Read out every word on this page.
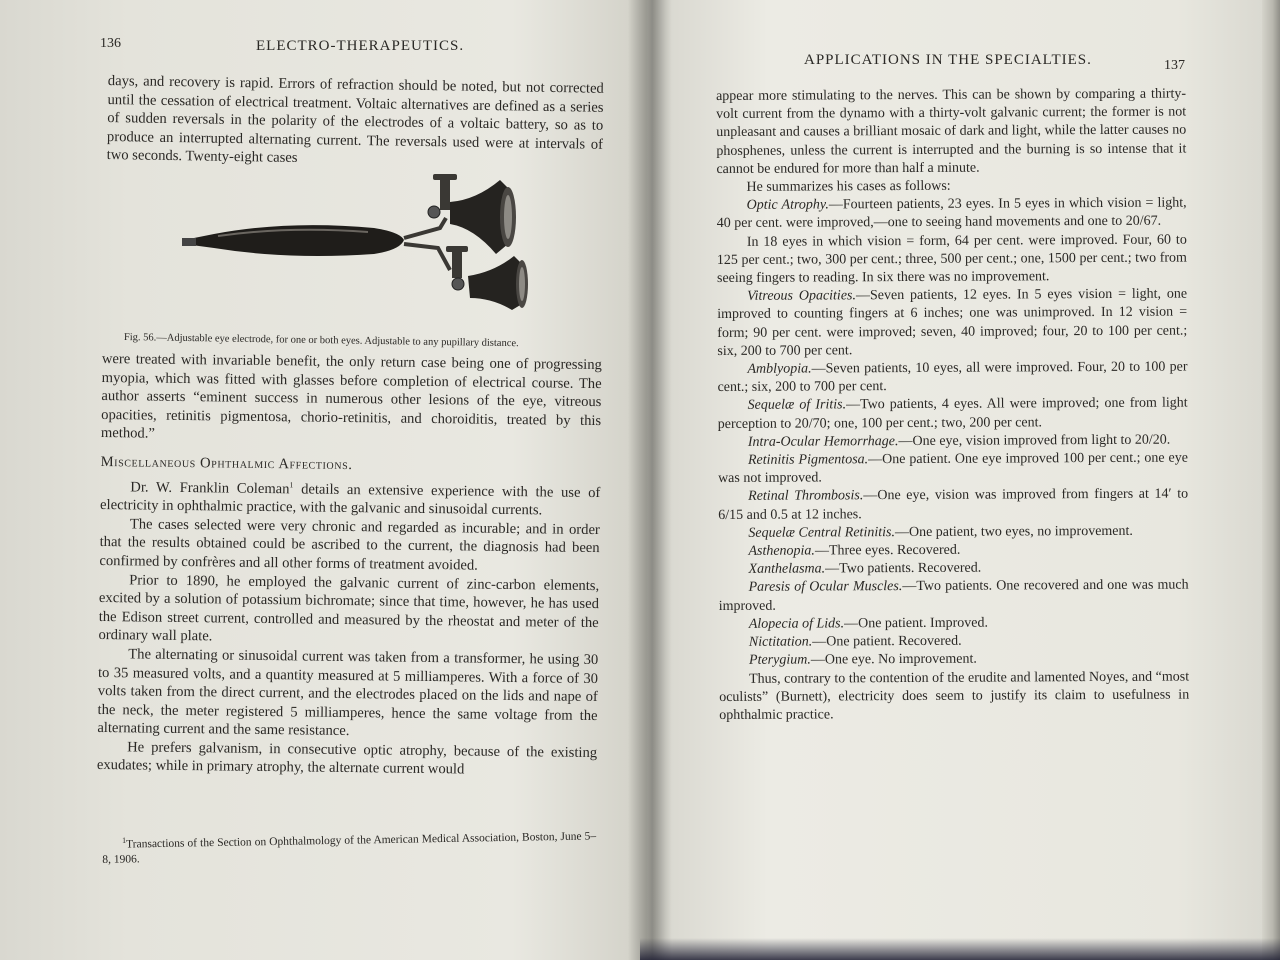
136	ELECTRO-THERAPEUTICS.

days, and recovery is rapid. Errors of refraction should be noted, but not corrected until the cessation of electrical treatment. Voltaic alternatives are defined as a series of sudden reversals in the polarity of the electrodes of a voltaic battery, so as to produce an interrupted alternating current. The reversals used were at intervals of two seconds. Twenty-eight cases

Fig. 56.—Adjustable eye electrode, for one or both eyes. Adjustable to any pupillary distance.

were treated with invariable benefit, the only return case being one of progressing myopia, which was fitted with glasses before completion of electrical course. The author asserts “eminent success in numerous other lesions of the eye, vitreous opacities, retinitis pigmentosa, chorio-retinitis, and choroiditis, treated by this method.”

Miscellaneous Ophthalmic Affections.

Dr. W. Franklin Coleman$^1$ details an extensive experience with the use of electricity in ophthalmic practice, with the galvanic and sinusoidal currents.

The cases selected were very chronic and regarded as incurable; and in order that the results obtained could be ascribed to the current, the diagnosis had been confirmed by confrères and all other forms of treatment avoided.

Prior to 1890, he employed the galvanic current of zinc-carbon elements, excited by a solution of potassium bichromate; since that time, however, he has used the Edison street current, controlled and measured by the rheostat and meter of the ordinary wall plate.

The alternating or sinusoidal current was taken from a transformer, he using 30 to 35 measured volts, and a quantity measured at 5 milliamperes. With a force of 30 volts taken from the direct current, and the electrodes placed on the lids and nape of the neck, the meter registered 5 milliamperes, hence the same voltage from the alternating current and the same resistance.

He prefers galvanism, in consecutive optic atrophy, because of the existing exudates; while in primary atrophy, the alternate current would

$^1$Transactions of the Section on Ophthalmology of the American Medical Association, Boston, June 5–8, 1906.

APPLICATIONS IN THE SPECIALTIES.	137

appear more stimulating to the nerves. This can be shown by comparing a thirty-volt current from the dynamo with a thirty-volt galvanic current; the former is not unpleasant and causes a brilliant mosaic of dark and light, while the latter causes no phosphenes, unless the current is interrupted and the burning is so intense that it cannot be endured for more than half a minute.

He summarizes his cases as follows:

Optic Atrophy.—Fourteen patients, 23 eyes. In 5 eyes in which vision = light, 40 per cent. were improved,—one to seeing hand movements and one to 20/67.

In 18 eyes in which vision = form, 64 per cent. were improved. Four, 60 to 125 per cent.; two, 300 per cent.; three, 500 per cent.; one, 1500 per cent.; two from seeing fingers to reading. In six there was no improvement.

Vitreous Opacities.—Seven patients, 12 eyes. In 5 eyes vision = light, one improved to counting fingers at 6 inches; one was unimproved. In 12 vision = form; 90 per cent. were improved; seven, 40 improved; four, 20 to 100 per cent.; six, 200 to 700 per cent.

Amblyopia.—Seven patients, 10 eyes, all were improved. Four, 20 to 100 per cent.; six, 200 to 700 per cent.

Sequelæ of Iritis.—Two patients, 4 eyes. All were improved; one from light perception to 20/70; one, 100 per cent.; two, 200 per cent.

Intra-Ocular Hemorrhage.—One eye, vision improved from light to 20/20.

Retinitis Pigmentosa.—One patient. One eye improved 100 per cent.; one eye was not improved.

Retinal Thrombosis.—One eye, vision was improved from fingers at 14′ to 6/15 and 0.5 at 12 inches.

Sequelæ Central Retinitis.—One patient, two eyes, no improvement.

Asthenopia.—Three eyes. Recovered.

Xanthelasma.—Two patients. Recovered.

Paresis of Ocular Muscles.—Two patients. One recovered and one was much improved.

Alopecia of Lids.—One patient. Improved.

Nictitation.—One patient. Recovered.

Pterygium.—One eye. No improvement.

Thus, contrary to the contention of the erudite and lamented Noyes, and “most oculists” (Burnett), electricity does seem to justify its claim to usefulness in ophthalmic practice.
